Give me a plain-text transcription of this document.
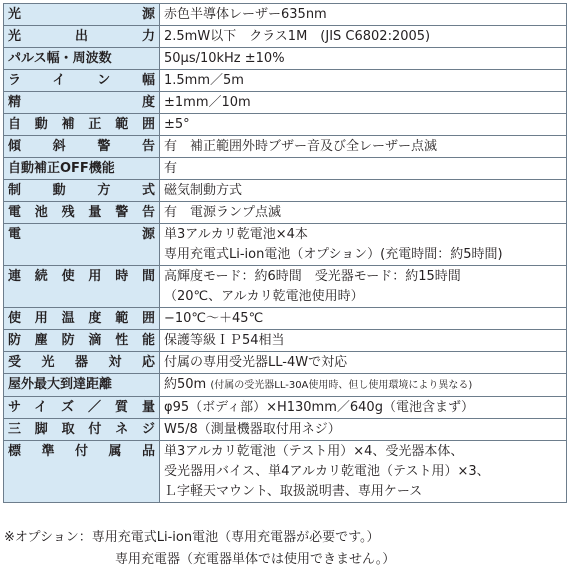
光源	赤色半導体レーザー635nm

光出力	2.5mW以下　クラス1M　(JIS C6802:2005)

パルス幅・周波数	50μs/10kHz ±10%

ライン幅	1.5mm／5m

精度	±1mm／10m

自動補正範囲	±5°

傾斜警告	有　補正範囲外時ブザー音及び全レーザー点滅

自動補正OFF機能	有

制動方式	磁気制動方式

電池残量警告	有　電源ランプ点滅

電源	単3アルカリ乾電池×4本
専用充電式Li-ion電池（オプション）(充電時間：約5時間)

連続使用時間	高輝度モード：約6時間　受光器モード：約15時間
（20℃、アルカリ乾電池使用時）

使用温度範囲	−10℃〜＋45℃

防塵防滴性能	保護等級ＩＰ54相当

受光器対応	付属の専用受光器LL-4Wで対応

屋外最大到達距離	約50m (付属の受光器LL-30A使用時、但し使用環境により異なる)

サイズ／質量	φ95（ボディ部）×H130mm／640g（電池含まず）

三脚取付ネジ	W5/8（測量機器取付用ネジ）

標準付属品	単3アルカリ乾電池（テスト用）×4、受光器本体、
受光器用バイス、単4アルカリ乾電池（テスト用）×3、
Ｌ字軽天マウント、取扱説明書、専用ケース
※オプション：専用充電式Li-ion電池（専用充電器が必要です。）
専用充電器（充電器単体では使用できません。）
